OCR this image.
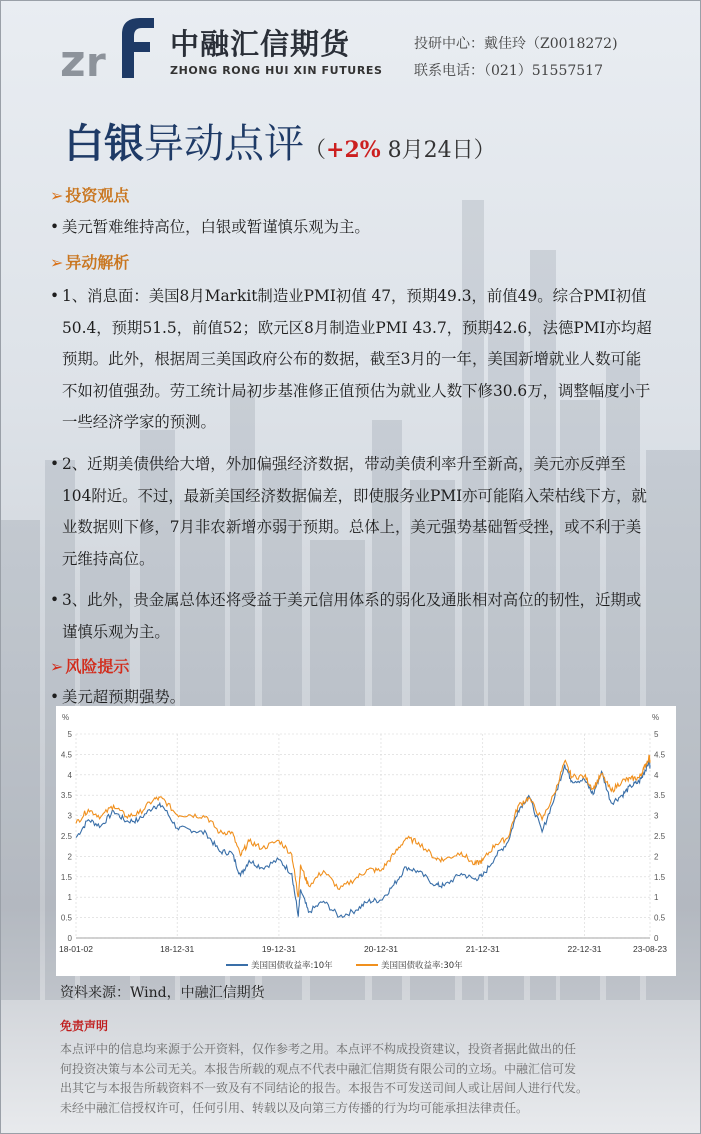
z r 中融汇信期货
ZHONG RONG HUI XIN FUTURES
投研中心：戴佳玲（Z0018272)
联系电话：（021）51557517
白银异动点评（+2% 8月24日）
➢ 投资观点
• 美元暂难维持高位，白银或暂谨慎乐观为主。
➢ 异动解析
• 1、消息面：美国8月Markit制造业PMI初值 47，预期49.3，前值49。综合PMI初值 50.4，预期51.5，前值52；欧元区8月制造业PMI 43.7，预期42.6，法德PMI亦均超预期。此外，根据周三美国政府公布的数据，截至3月的一年，美国新增就业人数可能不如初值强劲。劳工统计局初步基准修正值预估为就业人数下修30.6万，调整幅度小于一些经济学家的预测。
• 2、近期美债供给大增，外加偏强经济数据，带动美债利率升至新高，美元亦反弹至104附近。不过，最新美国经济数据偏差，即使服务业PMI亦可能陷入荣枯线下方，就业数据则下修，7月非农新增亦弱于预期。总体上，美元强势基础暂受挫，或不利于美元维持高位。
• 3、此外，贵金属总体还将受益于美元信用体系的弱化及通胀相对高位的韧性，近期或谨慎乐观为主。
➢ 风险提示
• 美元超预期强势。
0	0
0.5	0.5
1	1
1.5	1.5
2	2
2.5	2.5
3	3
3.5	3.5
4	4
4.5	4.5
5	5
%	%
18-01-02	18-12-31	19-12-31	20-12-31	21-12-31	22-12-31	23-08-23
美国国债收益率:10年	美国国债收益率:30年
资料来源：Wind，中融汇信期货
免责声明
本点评中的信息均来源于公开资料，仅作参考之用。本点评不构成投资建议，投资者据此做出的任
何投资决策与本公司无关。本报告所载的观点不代表中融汇信期货有限公司的立场。中融汇信可发
出其它与本报告所载资料不一致及有不同结论的报告。本报告不可发送司间人或让居间人进行代发。
未经中融汇信授权许可，任何引用、转载以及向第三方传播的行为均可能承担法律责任。
